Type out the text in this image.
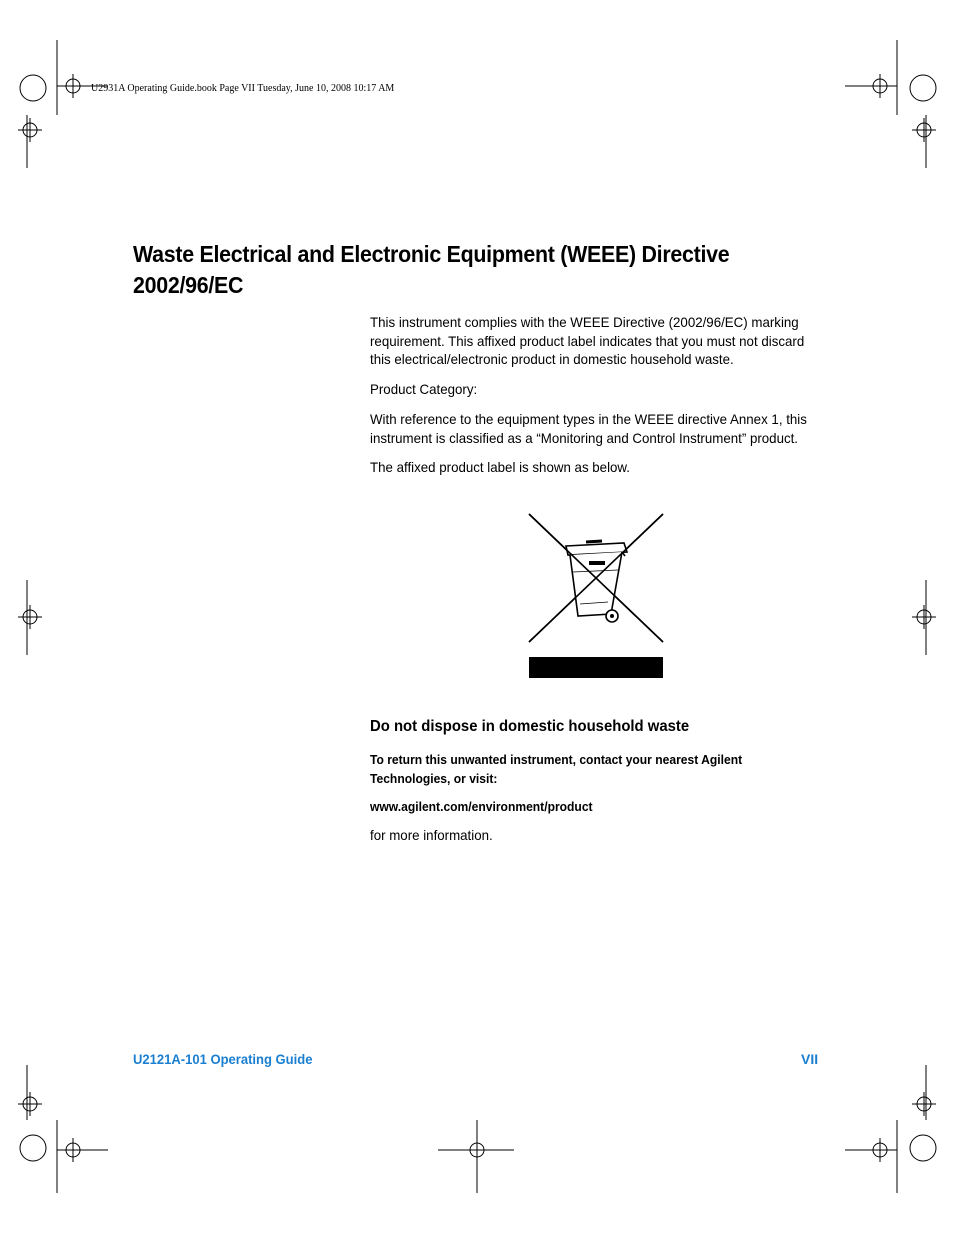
U2931A Operating Guide.book Page VII Tuesday, June 10, 2008 10:17 AM
Waste Electrical and Electronic Equipment (WEEE) Directive
2002/96/EC

This instrument complies with the WEEE Directive (2002/96/EC) marking

requirement. This affixed product label indicates that you must not discard

this electrical/electronic product in domestic household waste.

Product Category:

With reference to the equipment types in the WEEE directive Annex 1, this

instrument is classified as a “Monitoring and Control Instrument” product.

The affixed product label is shown as below.

Do not dispose in domestic household waste
To return this unwanted instrument, contact your nearest Agilent
Technologies, or visit:
www.agilent.com/environment/product
for more information.
U2121A-101 Operating Guide	VII
